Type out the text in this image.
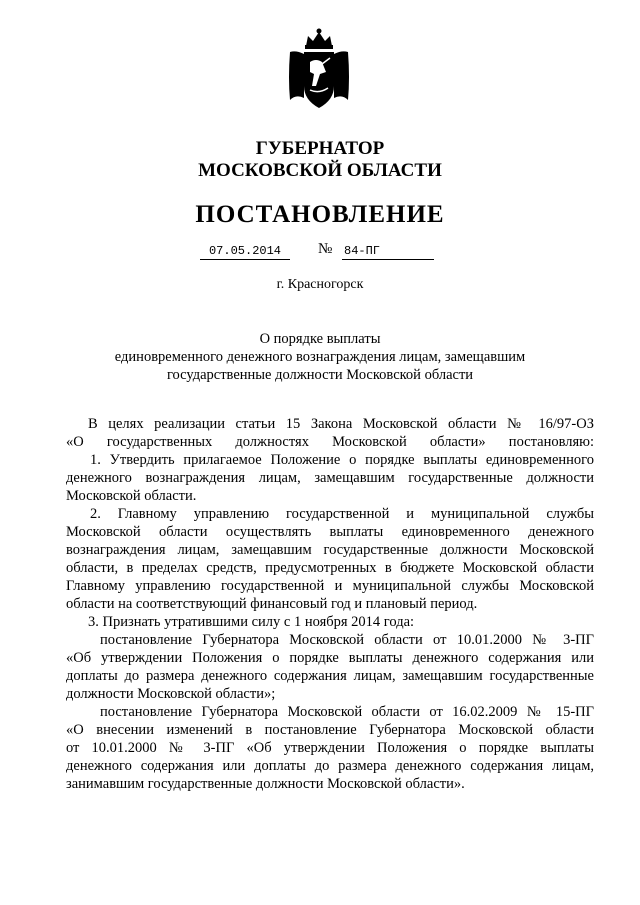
ГУБЕРНАТОР
МОСКОВСКОЙ ОБЛАСТИ
ПОСТАНОВЛЕНИЕ
07.05.2014	№ 84-ПГ
г. Красногорск
О порядке выплаты
единовременного денежного вознаграждения лицам, замещавшим
государственные должности Московской области
В целях реализации статьи 15 Закона Московской области № 16/97-ОЗ
«О государственных должностях Московской области» постановляю:
1. Утвердить прилагаемое Положение о порядке выплаты единовременного
денежного вознаграждения лицам, замещавшим государственные должности
Московской области.
2. Главному управлению государственной и муниципальной службы
Московской области осуществлять выплаты единовременного денежного
вознаграждения лицам, замещавшим государственные должности Московской
области, в пределах средств, предусмотренных в бюджете Московской области
Главному управлению государственной и муниципальной службы Московской
области на соответствующий финансовый год и плановый период.
3. Признать утратившими силу с 1 ноября 2014 года:
постановление Губернатора Московской области от 10.01.2000 № 3-ПГ
«Об утверждении Положения о порядке выплаты денежного содержания или
доплаты до размера денежного содержания лицам, замещавшим государственные
должности Московской области»;
постановление Губернатора Московской области от 16.02.2009 № 15-ПГ
«О внесении изменений в постановление Губернатора Московской области
от 10.01.2000 № 3-ПГ «Об утверждении Положения о порядке выплаты
денежного содержания или доплаты до размера денежного содержания лицам,
занимавшим государственные должности Московской области».
